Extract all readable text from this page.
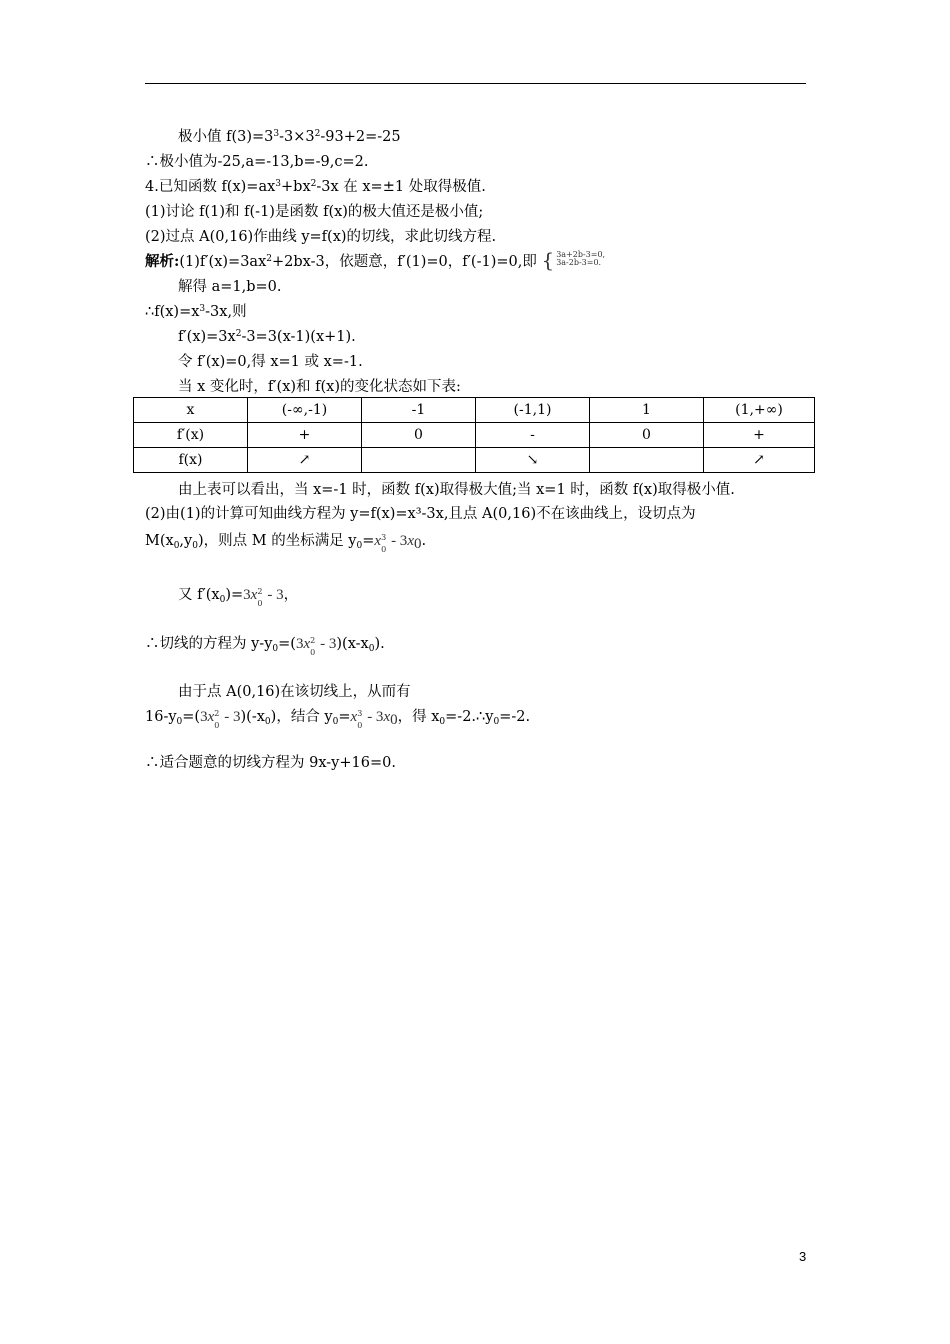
极小值 $f(3)=3^3-3\times 3^2-93+2=-25$
∴极小值为-25,a=-13,b=-9,c=2.
4.已知函数 $f(x)=ax^3+bx^2-3x$ 在 x=±1 处取得极值.
(1)讨论 f(1)和 f(-1)是函数 f(x)的极大值还是极小值;
(2)过点 A(0,16)作曲线 y=f(x)的切线，求此切线方程.
解析$:(1)f'(x)=3ax^2+2bx-3$，依题意，f′(1)=0，f′(-1)=0,即 { 3a+2b-3=0,
3a-2b-3=0.
解得 a=1,b=0.
$\therefore f(x)=x^3-3x$,则
$f'(x)=3x^2-3=3(x-1)(x+1)$.
令 f′(x)=0,得 x=1 或 x=-1.
当 x 变化时，f′(x)和 f(x)的变化状态如下表:
x	(-∞,-1)	-1	(-1,1)	1	(1,+∞)
f′(x)	+	0	-	0	+
f(x)	↗		↘		↗
由上表可以看出，当 x=-1 时，函数 f(x)取得极大值;当 x=1 时，函数 f(x)取得极小值.
(2)由(1)的计算可知曲线方程为 y=f(x)=x³-3x,且点 A(0,16)不在该曲线上，设切点为
$M(x_0,y_0)$，则点 M 的坐标满足 $y_0=x$ 3
0
- $3x_0$.
又 $f'(x_0)=3x$ 2
0
- 3，
∴切线的方程为 $y-y_0=(3x$ 2
0
- $3)(x-x_0)$.
由于点 A(0,16)在该切线上，从而有
$16-y_0=(3x$ 2
0
- $3)(-x_0)$，结合 $y_0=x$ 3
0
- $3x_0$，得 $x_0=-2.\therefore y_0=-2$.
∴适合题意的切线方程为 9x-y+16=0.
3
